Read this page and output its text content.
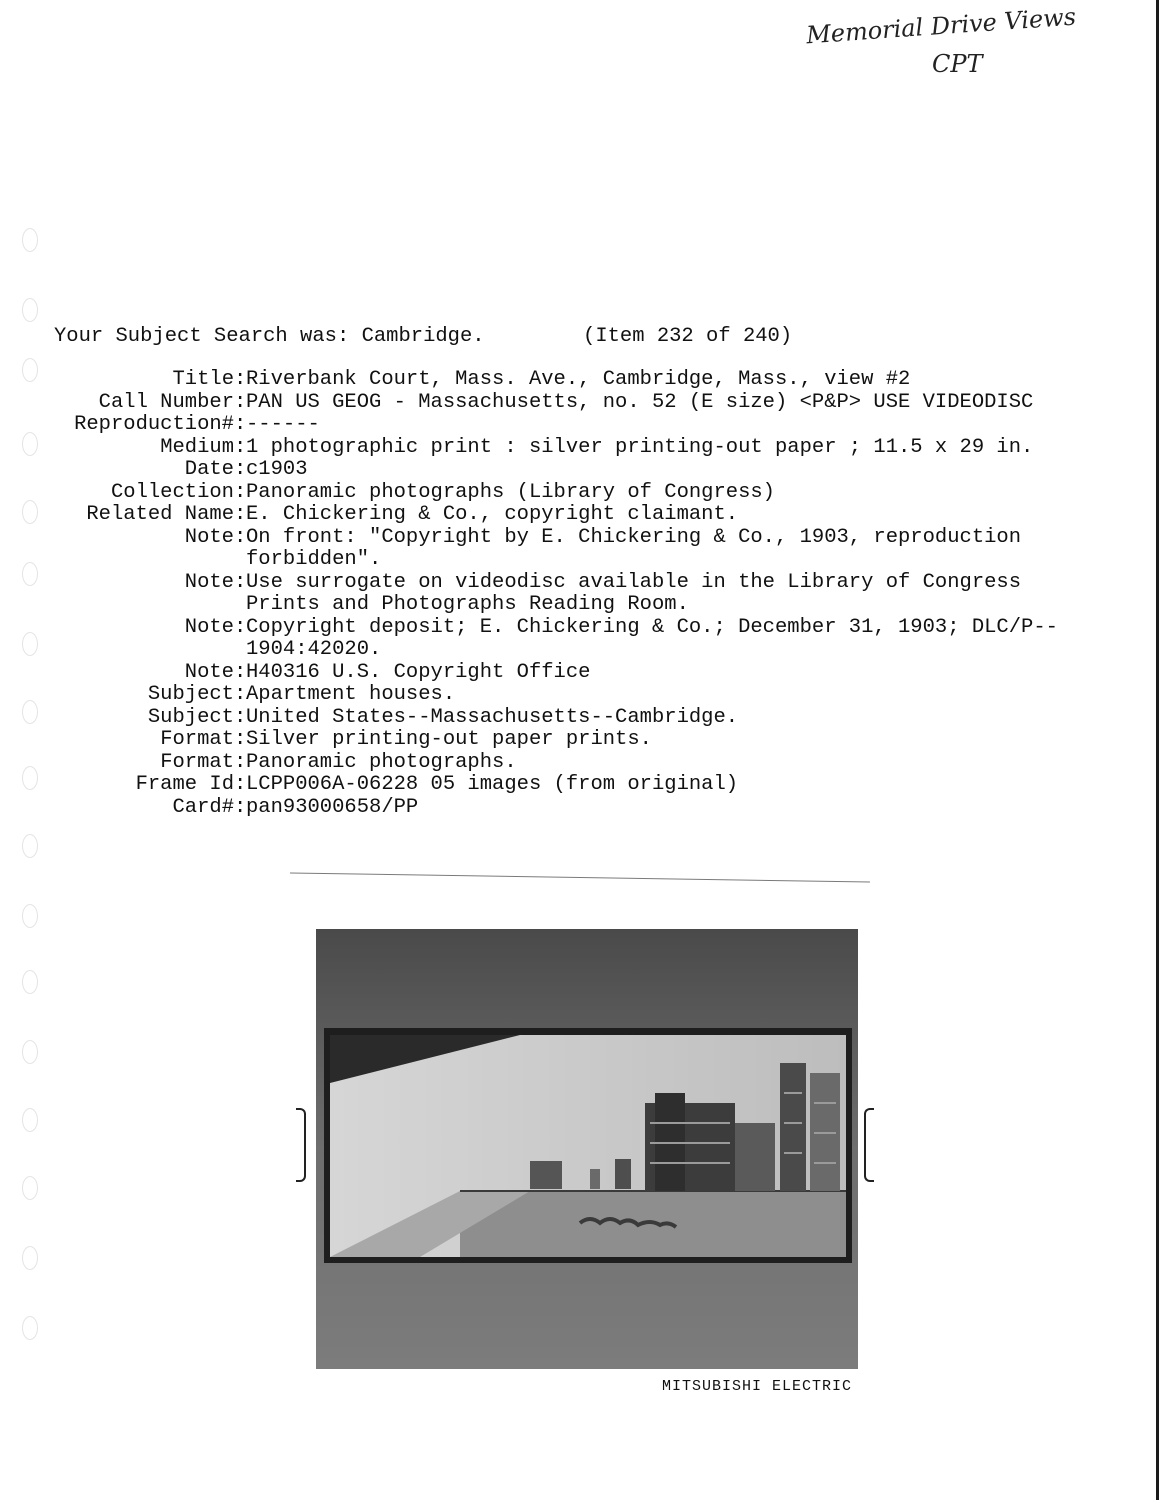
Memorial Drive Views
CPT
Your Subject Search was: Cambridge.	(Item 232 of 240)
Title : Riverbank Court, Mass. Ave., Cambridge, Mass., view #2
Call Number : PAN US GEOG - Massachusetts, no. 52 (E size) <P&P> USE VIDEODISC
Reproduction# : ------
Medium : 1 photographic print : silver printing-out paper ; 11.5 x 29 in.
Date : c1903
Collection : Panoramic photographs (Library of Congress)
Related Name : E. Chickering & Co., copyright claimant.
Note : On front: "Copyright by E. Chickering & Co., 1903, reproduction
forbidden".
Note : Use surrogate on videodisc available in the Library of Congress
Prints and Photographs Reading Room.
Note : Copyright deposit; E. Chickering & Co.; December 31, 1903; DLC/P‐-
1904:42020.
Note : H40316 U.S. Copyright Office
Subject : Apartment houses.
Subject : United States--Massachusetts--Cambridge.
Format : Silver printing-out paper prints.
Format : Panoramic photographs.
Frame Id : LCPP006A-06228 05 images (from original)
Card# : pan93000658/PP
MITSUBISHI ELECTRIC
